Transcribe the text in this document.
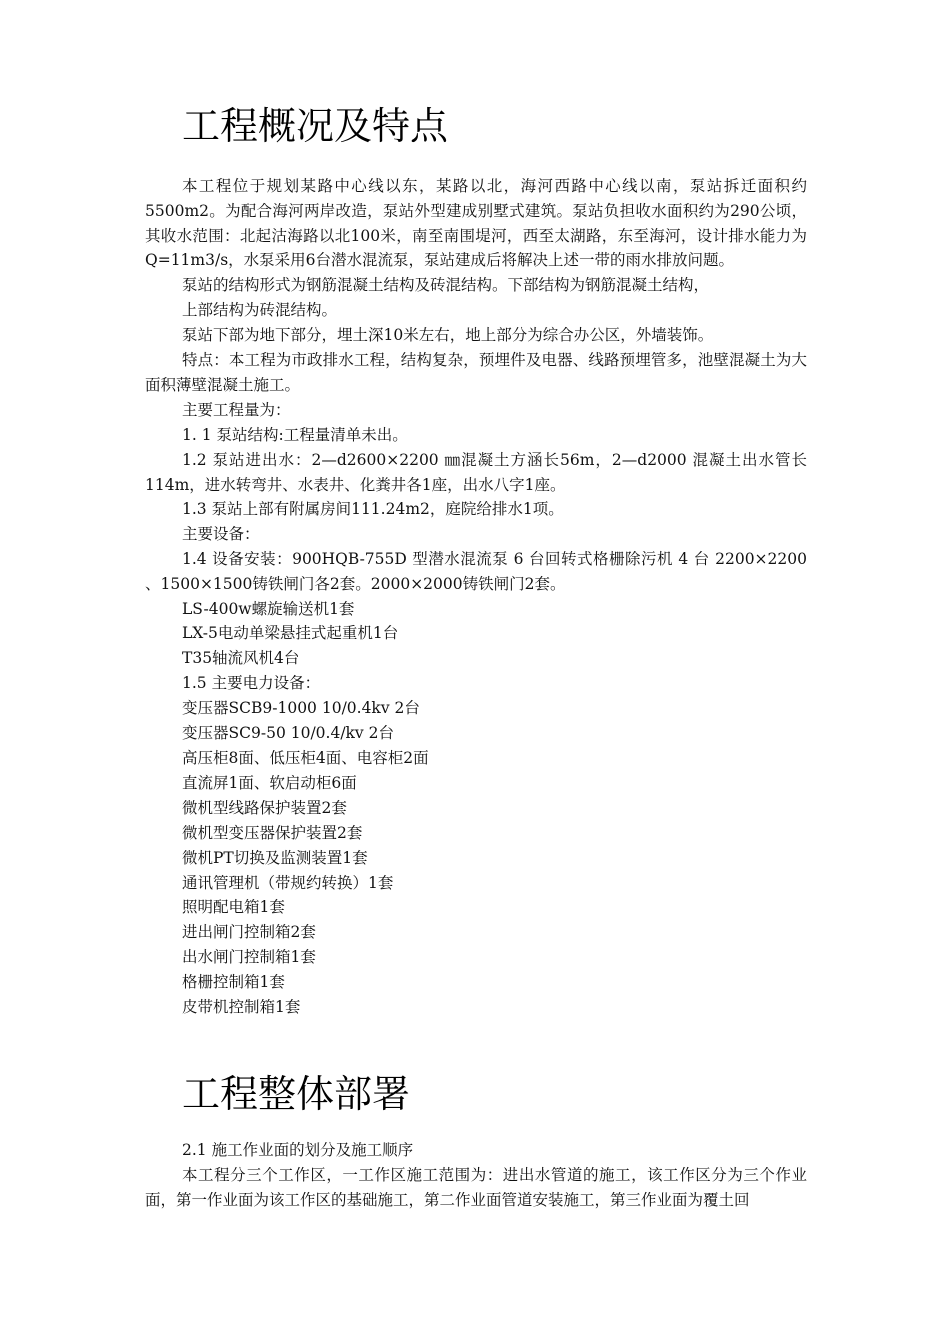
工程概况及特点

本工程位于规划某路中心线以东，某路以北，海河西路中心线以南，泵站拆迁面积约5500m2。为配合海河两岸改造，泵站外型建成别墅式建筑。泵站负担收水面积约为290公顷，其收水范围：北起沽海路以北100米，南至南围堤河，西至太湖路，东至海河，设计排水能力为Q=11m3/s，水泵采用6台潜水混流泵，泵站建成后将解决上述一带的雨水排放问题。

泵站的结构形式为钢筋混凝土结构及砖混结构。下部结构为钢筋混凝土结构，

上部结构为砖混结构。

泵站下部为地下部分，埋土深10米左右，地上部分为综合办公区，外墙装饰。

特点：本工程为市政排水工程，结构复杂，预埋件及电器、线路预埋管多，池壁混凝土为大面积薄壁混凝土施工。

主要工程量为：

1. 1 泵站结构:工程量清单未出。

1.2 泵站进出水：2—d2600×2200 ㎜混凝土方涵长56m，2—d2000 混凝土出水管长114m，进水转弯井、水表井、化粪井各1座，出水八字1座。

1.3 泵站上部有附属房间111.24m2，庭院给排水1项。

主要设备：

1.4 设备安装：900HQB-755D 型潜水混流泵 6 台回转式格栅除污机 4 台 2200×2200 、1500×1500铸铁闸门各2套。2000×2000铸铁闸门2套。

LS-400w螺旋输送机1套

LX-5电动单梁悬挂式起重机1台

T35轴流风机4台

1.5 主要电力设备：

变压器SCB9-1000 10/0.4kv 2台

变压器SC9-50 10/0.4/kv 2台

高压柜8面、低压柜4面、电容柜2面

直流屏1面、软启动柜6面

微机型线路保护装置2套

微机型变压器保护装置2套

微机PT切换及监测装置1套

通讯管理机（带规约转换）1套

照明配电箱1套

进出闸门控制箱2套

出水闸门控制箱1套

格栅控制箱1套

皮带机控制箱1套

工程整体部署

2.1 施工作业面的划分及施工顺序

本工程分三个工作区，一工作区施工范围为：进出水管道的施工，该工作区分为三个作业面，第一作业面为该工作区的基础施工，第二作业面管道安装施工，第三作业面为覆土回
